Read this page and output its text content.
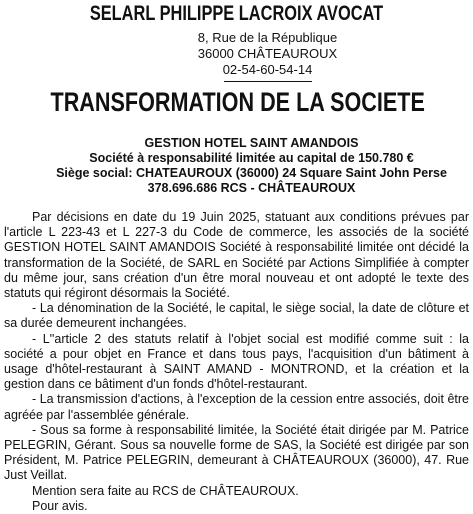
SELARL PHILIPPE LACROIX AVOCAT
8, Rue de la République
36000 CHÂTEAUROUX
02-54-60-54-14
TRANSFORMATION DE LA SOCIETE
GESTION HOTEL SAINT AMANDOIS
Société à responsabilité limitée au capital de 150.780 €
Siège social: CHATEAUROUX (36000) 24 Square Saint John Perse
378.696.686 RCS - CHÂTEAUROUX

Par décisions en date du 19 Juin 2025, statuant aux conditions prévues par l'article L 223-43 et L 227-3 du Code de commerce, les associés de la société GESTION HOTEL SAINT AMANDOIS Société à responsabilité limitée ont décidé la transformation de la Société, de SARL en Société par Actions Simplifiée à compter du même jour, sans création d'un être moral nouveau et ont adopté le texte des statuts qui régiront désormais la Société.

- La dénomination de la Société, le capital, le siège social, la date de clôture et sa durée demeurent inchangées.

- L''article 2 des statuts relatif à l'objet social est modifié comme suit : la société a pour objet en France et dans tous pays, l'acquisition d'un bâtiment à usage d'hôtel-restaurant à SAINT AMAND - MONTROND, et la création et la gestion dans ce bâtiment d'un fonds d'hôtel-restaurant.

- La transmission d'actions, à l'exception de la cession entre associés, doit être agréée par l'assemblée générale.

- Sous sa forme à responsabilité limitée, la Société était dirigée par M. Patrice PELEGRIN, Gérant. Sous sa nouvelle forme de SAS, la Société est dirigée par son Président, M. Patrice PELEGRIN, demeurant à CHÂTEAUROUX (36000), 47. Rue Just Veillat.

Mention sera faite au RCS de CHÂTEAUROUX.

Pour avis.
